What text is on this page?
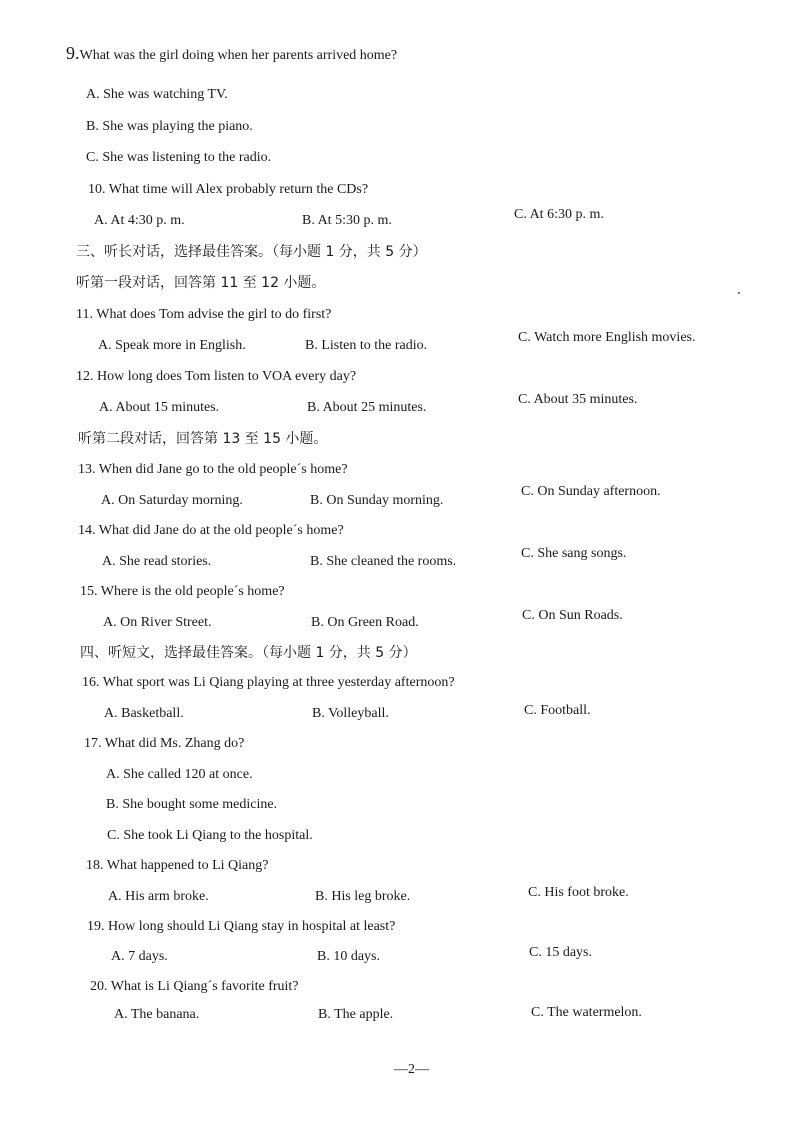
9.What was the girl doing when her parents arrived home?
A. She was watching TV.
B. She was playing the piano.
C. She was listening to the radio.
10. What time will Alex probably return the CDs?
A. At 4:30 p. m.	B. At 5:30 p. m.	C. At 6:30 p. m.
三、听长对话，选择最佳答案。（每小题 1 分，共 5 分）
听第一段对话，回答第 11 至 12 小题。
11. What does Tom advise the girl to do first?
A. Speak more in English.	B. Listen to the radio.
C. Watch more English movies.
12. How long does Tom listen to VOA every day?
A. About 15 minutes.	B. About 25 minutes.
C. About 35 minutes.
听第二段对话，回答第 13 至 15 小题。
13. When did Jane go to the old people´s home?
A. On Saturday morning.	B. On Sunday morning.
C. On Sunday afternoon.
14. What did Jane do at the old people´s home?
A. She read stories.	B. She cleaned the rooms.
C. She sang songs.
15. Where is the old people´s home?
A. On River Street.	B. On Green Road.	C. On Sun Roads.
四、听短文，选择最佳答案。（每小题 1 分，共 5 分）
16. What sport was Li Qiang playing at three yesterday afternoon?
A. Basketball.	B. Volleyball.	C. Football.
17. What did Ms. Zhang do?
A. She called 120 at once.
B. She bought some medicine.
C. She took Li Qiang to the hospital.
18. What happened to Li Qiang?
A. His arm broke.	B. His leg broke.	C. His foot broke.
19. How long should Li Qiang stay in hospital at least?
A. 7 days.	B. 10 days.	C. 15 days.
20. What is Li Qiang´s favorite fruit?
A. The banana.	B. The apple.	C. The watermelon.
—2—
